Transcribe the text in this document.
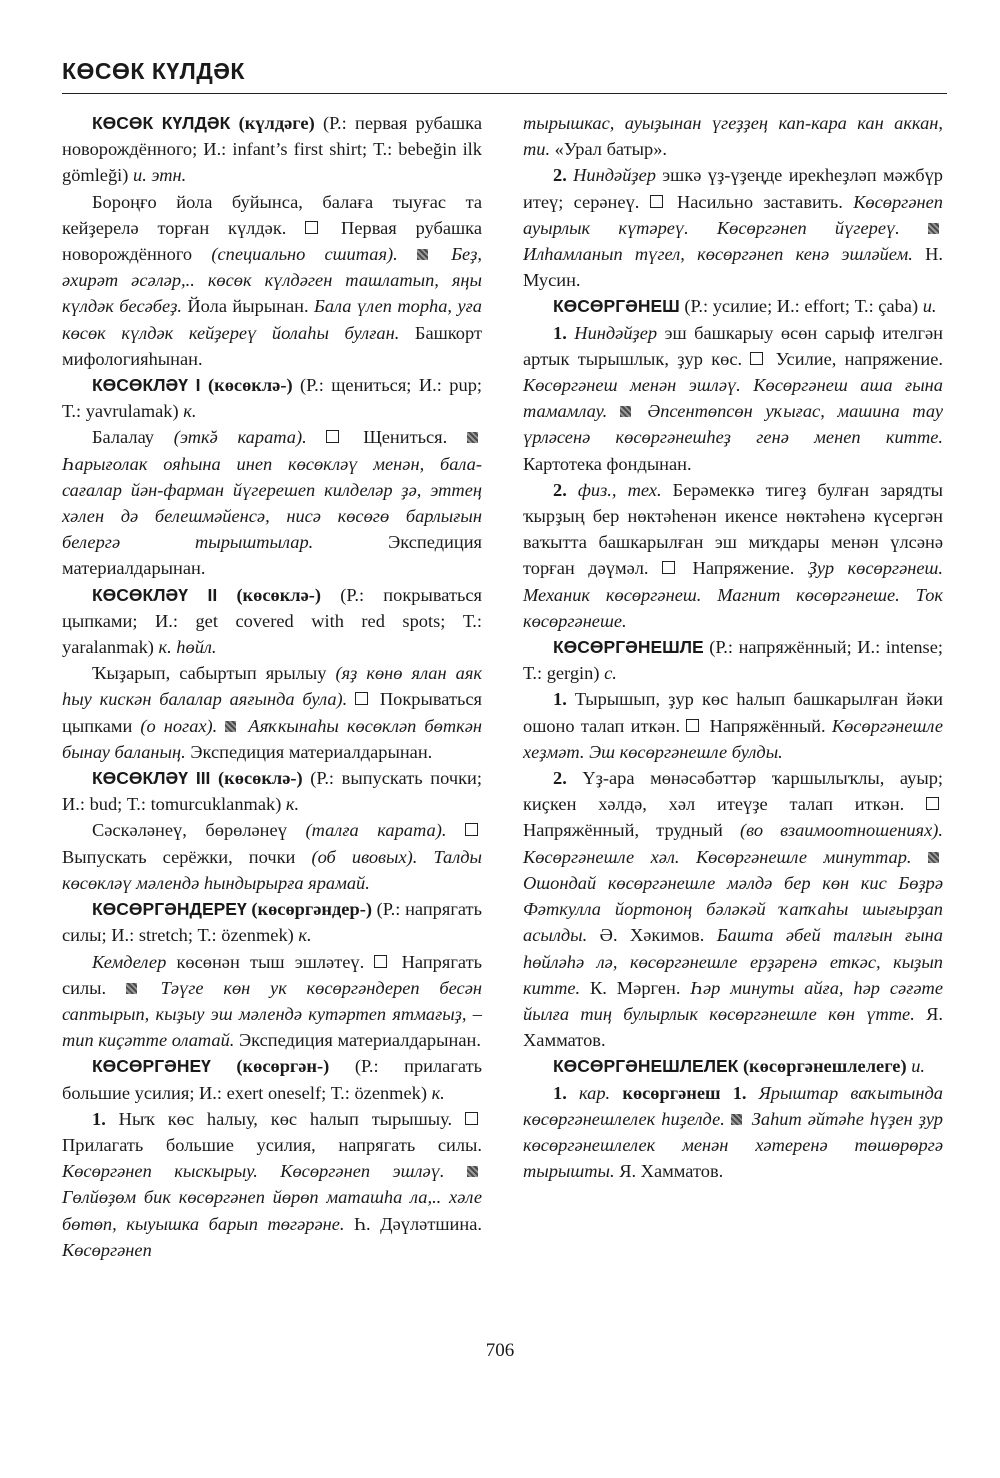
КӨСӨК КҮЛДӘК

КӨСӨК КҮЛДӘК (күлдәге) (Р.: первая рубашка новорождённого; И.: infant’s first shirt; Т.: bebeğin ilk gömleği) и. этн.

Бороңғо йола буйынса, балаға тыуғас та кейҙерелә торған күлдәк.  Первая рубашка новорождённого (специально сшитая).  Беҙ, әхирәт әсәләр,.. көсөк күлдәген ташлатып, яңы күлдәк бесәбеҙ. Йола йырынан. Бала үлеп торһа, уға көсөк күлдәк кейҙереү йолаһы булған. Башкорт мифологияһынан.

КӨСӨКЛӘҮ I (көсөклә-) (Р.: щениться; И.: pup; Т.: yavrulamak) к.

Балалау (этк̆ә карата).  Щениться.  Һарығолак ояһына инеп көсөкләү менән, бала-сағалар йән-фарман йүгерешеп килделәр ҙә, эттең хәлен дә белешмәйенсә, нисә көсөгө барлығын белергә тырыштылар. Экспедиция материалдарынан.

КӨСӨКЛӘҮ II (көсөклә-) (Р.: покрываться цыпками; И.: get covered with red spots; Т.: yaralanmak) к. һөйл.

Ҡыҙарып, сабыртып ярылыу (яҙ көнө ялан аяк һыу кискән балалар аяғында була).  Покрываться цыпками (о ногах).  Аяҡкынаһы көсөкләп бөткән бынау баланың. Экспедиция материалдарынан.

КӨСӨКЛӘҮ III (көсөклә-) (Р.: выпускать почки; И.: bud; Т.: tomurcuklanmak) к.

Сәскәләнеү, бөрөләнеү (талға карата).  Выпускать серёжки, почки (об ивовых). Талды көсөкләү мәлендә һындырырға ярамай.

КӨСӨРГӘНДЕРЕҮ (көсөргәндер-) (Р.: напрягать силы; И.: stretch; Т.: özenmek) к.

Кемделер көсөнән тыш эшләтеү.  Напрягать силы.  Тәүге көн ук көсөргәндереп бесән саптырып, кыҙыу эш мәлендә кутәртеп ятмағыҙ, – тип киҫәтте олатай. Экспедиция материалдарынан.

КӨСӨРГӘНЕҮ (көсөргән-) (Р.: прилагать большие усилия; И.: exert oneself; Т.: özenmek) к.

1. Ныҡ көс һалыу, көс һалып тырышыу.  Прилагать большие усилия, напрягать силы. Көсөргәнеп кыскырыу. Көсөргәнеп эшләү.  Гөлйөҙөм бик көсөргәнеп йөрөп маташһа ла,.. хәле бөтөп, кыуышка барып төгәрәне. Һ. Дәүләтшина. Көсөргәнеп

тырышкас, ауыҙынан үгеҙҙең кап-кара кан аккан, ти. «Урал батыр».

2. Ниндәйҙер эшкә үҙ-үҙеңде ирекһеҙләп мәжбүр итеү; серәнеү.  Насильно заставить. Көсөргәнеп ауырлык күтәреү. Көсөргәнеп йүгереү.  Илһамланып түгел, көсөргәнеп кенә эшләйем. Н. Мусин.

КӨСӨРГӘНЕШ (Р.: усилие; И.: effort; Т.: çaba) и.

1. Ниндәйҙер эш башкарыу өсөн сарыф ителгән артык тырышлык, ҙур көс.  Усилие, напряжение. Көсөргәнеш менән эшләү. Көсөргәнеш аша ғына тамамлау.  Әпсентөпсөн уҡығас, машина тау үрләсенә көсөргәнешһеҙ генә менеп китте. Картотека фондынан.

2. физ., тех. Берәмеккә тигеҙ булған зарядты ҡырҙың бер нөктәһенән икенсе нөктәһенә күсергән ваҡытта башкарылған эш миҡдары менән үлсәнә торған дәүмәл.  Напряжение. Ҙур көсөргәнеш. Механик көсөргәнеш. Магнит көсөргәнеше. Ток көсөргәнеше.

КӨСӨРГӘНЕШЛЕ (Р.: напряжённый; И.: intense; Т.: gergin) с.

1. Тырышып, ҙур көс һалып башкарылған йәки ошоно талап иткән.  Напряжённый. Көсөргәнешле хеҙмәт. Эш көсөргәнешле булды.

2. Үҙ-ара мөнәсәбәттәр ҡаршылыҡлы, ауыр; киҫкен хәлдә, хәл итеүҙе талап иткән.  Напряжённый, трудный (во взаимоотношениях). Көсөргәнешле хәл. Көсөргәнешле минуттар.  Ошондай көсөргәнешле мәлдә бер көн кис Бөҙрә Фәткулла йортоноң бәләкәй ҡапҡаһы шығырҙап асылды. Ә. Хәкимов. Башта әбей талғын ғына һөйләһә лә, көсөргәнешле ерҙәренә еткәс, кыҙып китте. К. Мәрген. Һәр минуты айға, һәр сәғәте йылға тиң булырлык көсөргәнешле көн үтте. Я. Хамматов.

КӨСӨРГӘНЕШЛЕЛЕК (көсөргәнешлелеге) и.

1. кар. көсөргәнеш 1. Ярыштар ваҡытында көсөргәнешлелек һиҙелде.  Заһит әйтәһе һүҙен ҙур көсөргәнешлелек менән хәтеренә төшөрөргә тырышты. Я. Хамматов.

706
